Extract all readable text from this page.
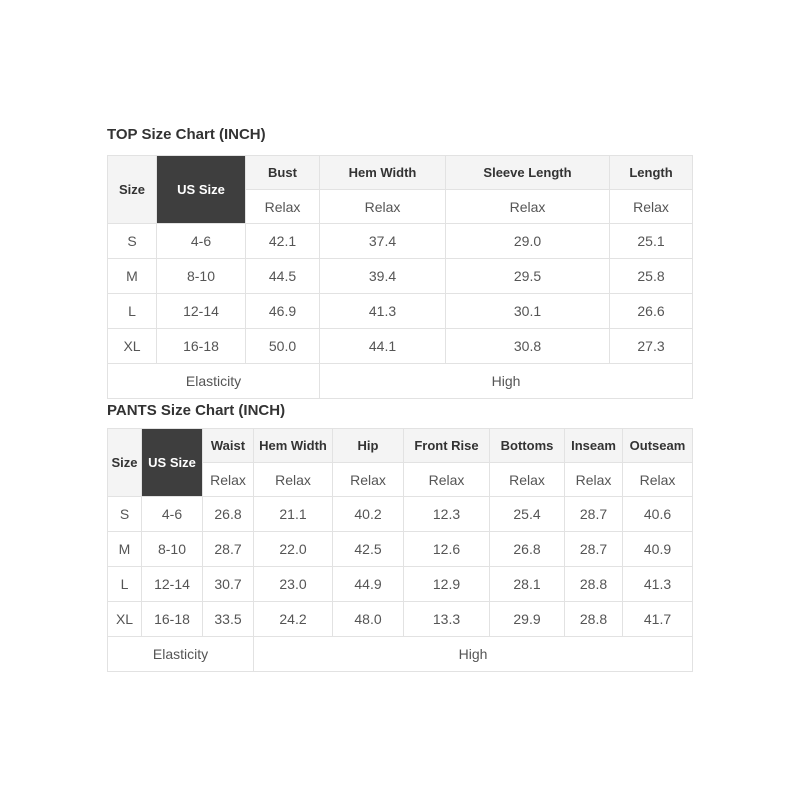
TOP Size Chart (INCH)
Size	US Size	Bust	Hem Width	Sleeve Length	Length
		Relax	Relax	Relax	Relax
S	4-6	42.1	37.4	29.0	25.1
M	8-10	44.5	39.4	29.5	25.8
L	12-14	46.9	41.3	30.1	26.6
XL	16-18	50.0	44.1	30.8	27.3
Elasticity			High		
PANTS Size Chart (INCH)
Size	US Size	Waist	Hem Width	Hip	Front Rise	Bottoms	Inseam	Outseam
		Relax	Relax	Relax	Relax	Relax	Relax	Relax
S	4-6	26.8	21.1	40.2	12.3	25.4	28.7	40.6
M	8-10	28.7	22.0	42.5	12.6	26.8	28.7	40.9
L	12-14	30.7	23.0	44.9	12.9	28.1	28.8	41.3
XL	16-18	33.5	24.2	48.0	13.3	29.9	28.8	41.7
Elasticity			High					
